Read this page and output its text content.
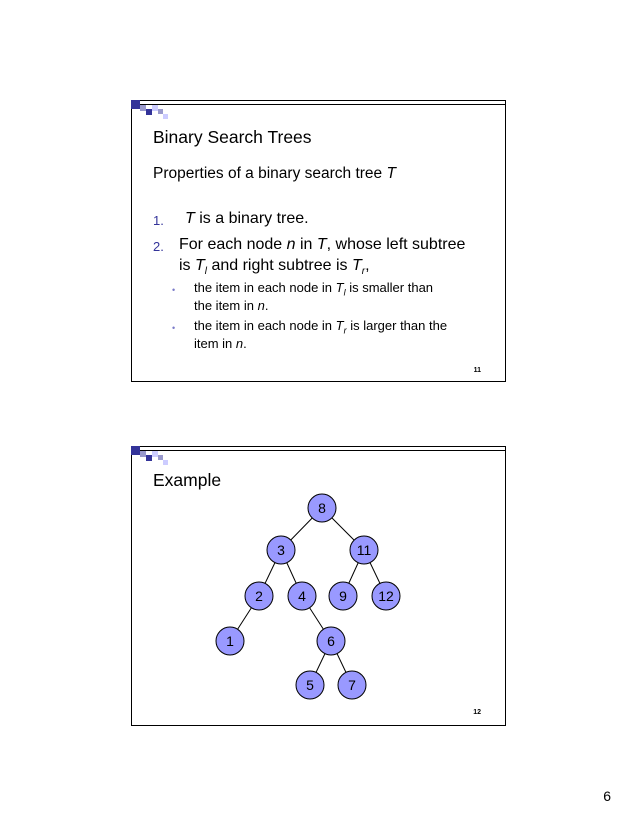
Binary Search Trees
Properties of a binary search tree T
1. T is a binary tree.
2. For each node n in T, whose left subtree
is $T_l$ and right subtree is $T_r$,
• the item in each node in $T_l$ is smaller than
the item in n.
• the item in each node in $T_r$ is larger than the
item in n.
11
Example
8
3	11
2	4 9 12
1	6
5 7
12
6
